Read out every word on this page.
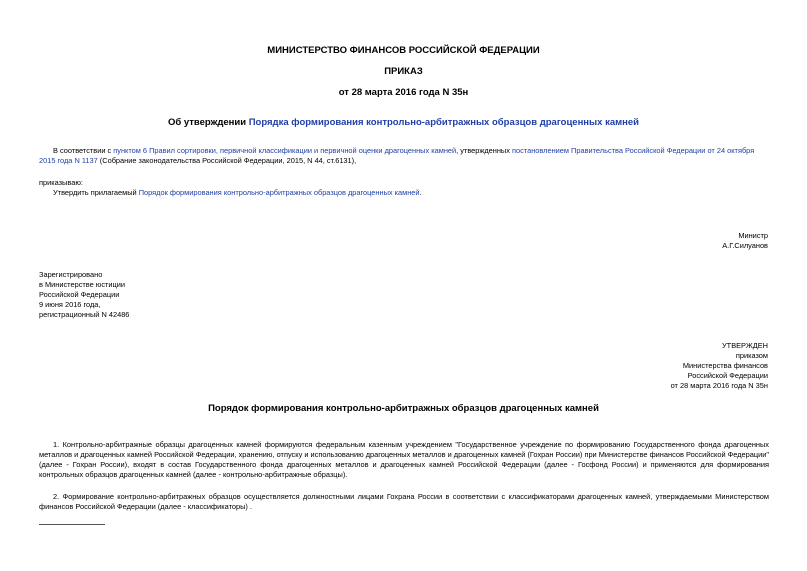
МИНИСТЕРСТВО ФИНАНСОВ РОССИЙСКОЙ ФЕДЕРАЦИИ
ПРИКАЗ
от 28 марта 2016 года N 35н
Об утверждении Порядка формирования контрольно-арбитражных образцов драгоценных камней
В соответствии с пунктом 6 Правил сортировки, первичной классификации и первичной оценки драгоценных камней, утвержденных постановлением Правительства Российской Федерации от 24 октября 2015 года N 1137 (Собрание законодательства Российской Федерации, 2015, N 44, ст.6131),
приказываю:
Утвердить прилагаемый Порядок формирования контрольно-арбитражных образцов драгоценных камней.
Министр
А.Г.Силуанов
Зарегистрировано
в Министерстве юстиции
Российской Федерации
9 июня 2016 года,
регистрационный N 42486
УТВЕРЖДЕН
приказом
Министерства финансов
Российской Федерации
от 28 марта 2016 года N 35н
Порядок формирования контрольно-арбитражных образцов драгоценных камней
1. Контрольно-арбитражные образцы драгоценных камней формируются федеральным казенным учреждением "Государственное учреждение по формированию Государственного фонда драгоценных металлов и драгоценных камней Российской Федерации, хранению, отпуску и использованию драгоценных металлов и драгоценных камней (Гохран России) при Министерстве финансов Российской Федерации" (далее - Гохран России), входят в состав Государственного фонда драгоценных металлов и драгоценных камней Российской Федерации (далее - Госфонд России) и применяются для формирования контрольных образцов драгоценных камней (далее - контрольно-арбитражные образцы).
2. Формирование контрольно-арбитражных образцов осуществляется должностными лицами Гохрана России в соответствии с классификаторами драгоценных камней, утверждаемыми Министерством финансов Российской Федерации (далее - классификаторы) .
